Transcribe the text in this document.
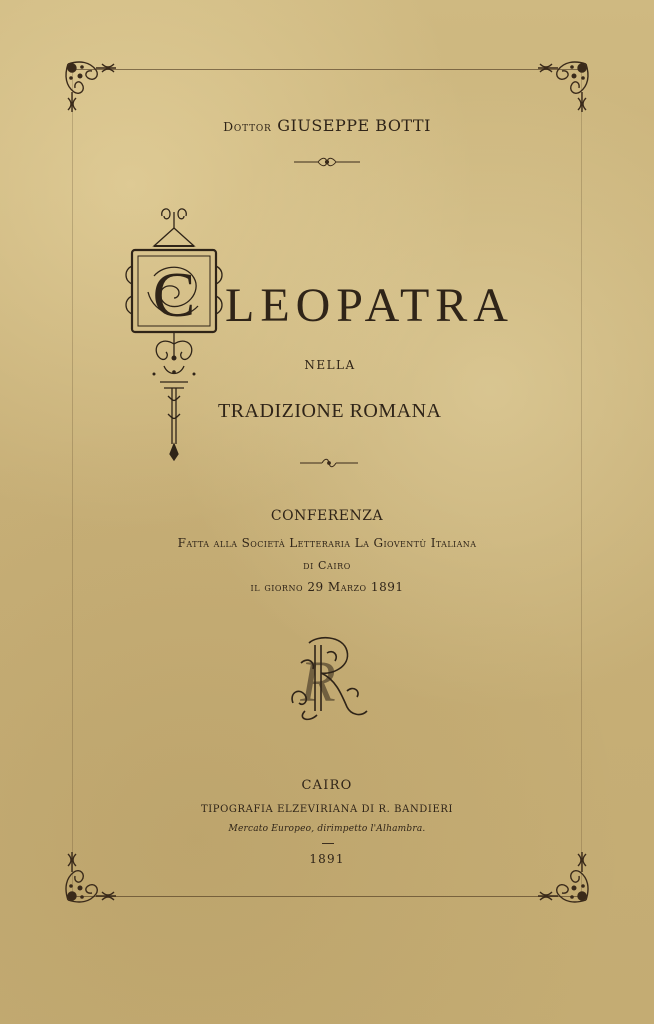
Dottor GIUSEPPE BOTTI
C LEOPATRA
NELLA
TRADIZIONE ROMANA
CONFERENZA
Fatta alla Società Letteraria La Gioventù Italiana
di Cairo
il giorno 29 Marzo 1891
R
CAIRO
TIPOGRAFIA ELZEVIRIANA DI R. BANDIERI
Mercato Europeo, dirimpetto l'Alhambra.
1891
